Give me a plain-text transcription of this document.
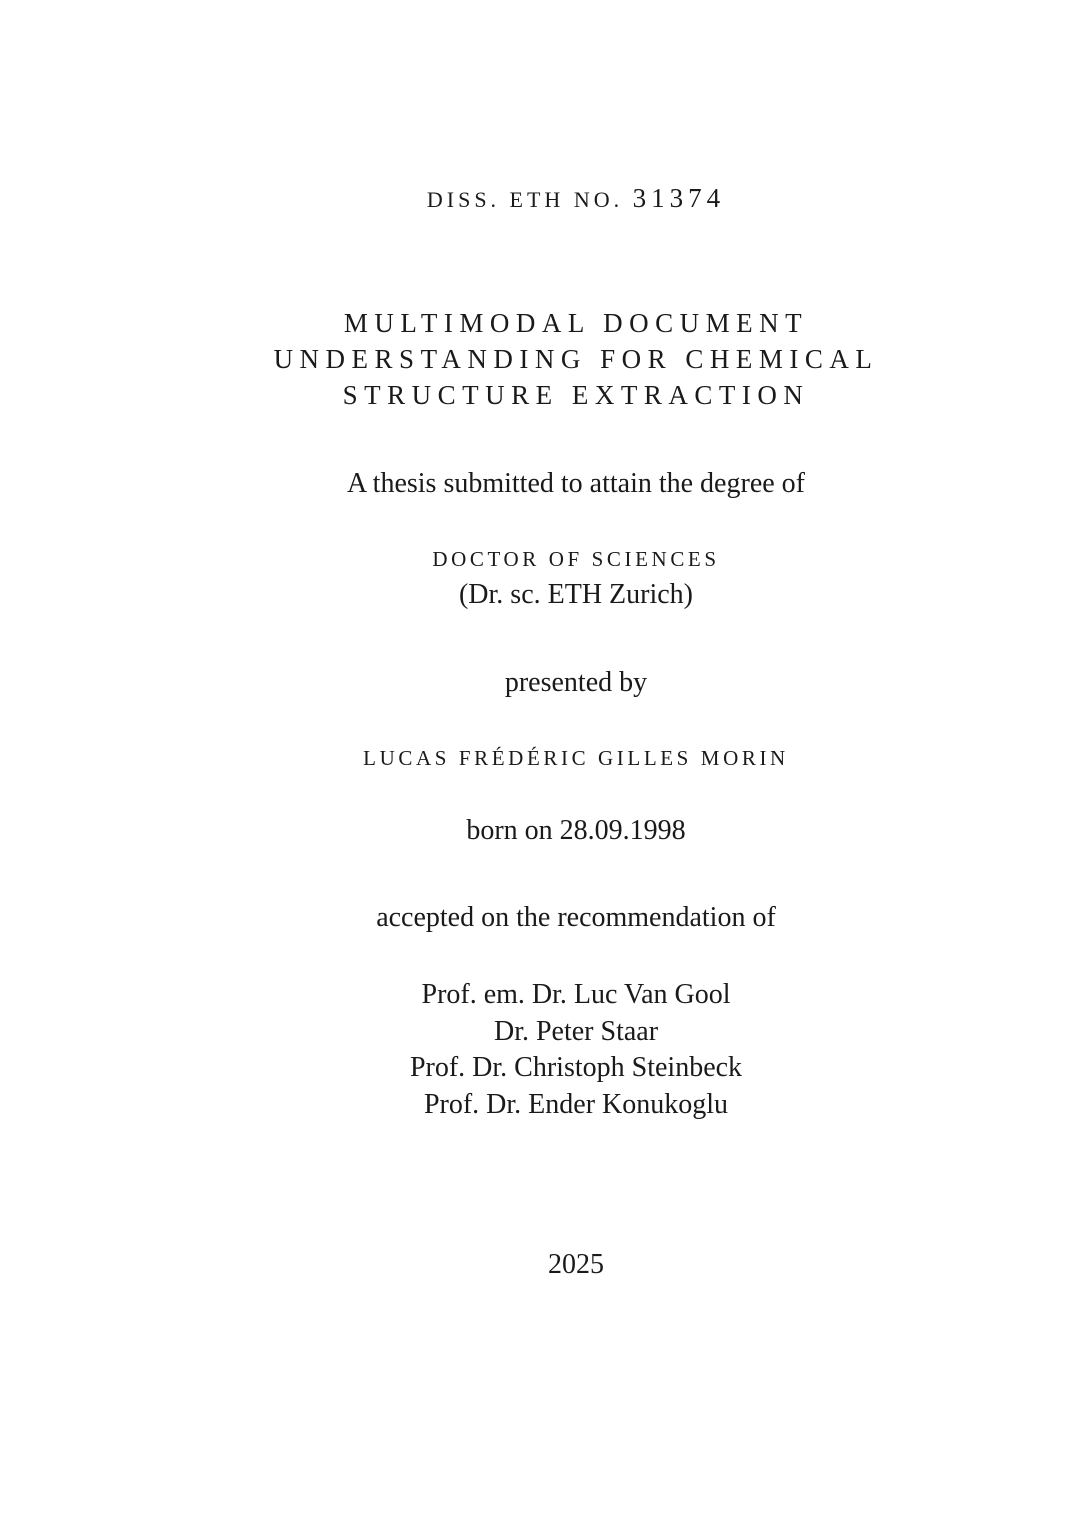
DISS. ETH NO. 31374
MULTIMODAL DOCUMENT
UNDERSTANDING FOR CHEMICAL
STRUCTURE EXTRACTION
A thesis submitted to attain the degree of
DOCTOR OF SCIENCES
(Dr. sc. ETH Zurich)
presented by
LUCAS FRÉDÉRIC GILLES MORIN
born on 28.09.1998
accepted on the recommendation of
Prof. em. Dr. Luc Van Gool
Dr. Peter Staar
Prof. Dr. Christoph Steinbeck
Prof. Dr. Ender Konukoglu
2025
